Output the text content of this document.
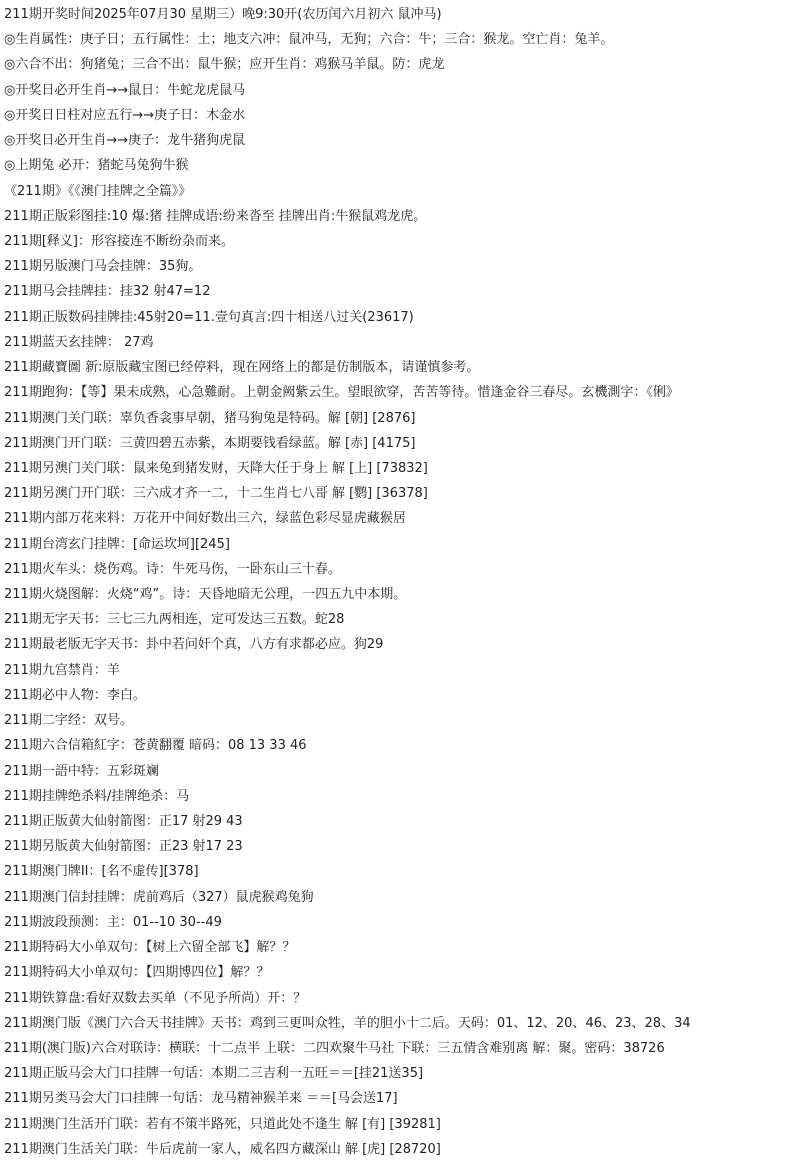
211期开奖时间2025年07月30 星期三）晚9:30开(农历闰六月初六 鼠冲马)
◎生肖属性：庚子日；五行属性：土；地支六冲：鼠冲马，无狗；六合：牛；三合：猴龙。空亡肖：兔羊。
◎六合不出：狗猪兔；三合不出：鼠牛猴；应开生肖：鸡猴马羊鼠。防：虎龙
◎开奖日必开生肖→→鼠日：牛蛇龙虎鼠马
◎开奖日日柱对应五行→→庚子日：木金水
◎开奖日必开生肖→→庚子：龙牛猪狗虎鼠
◎上期兔 必开：猪蛇马兔狗牛猴
《211期》《《澳门挂牌之全篇》》
211期正版彩图挂:10 爆:猪 挂牌成语:纷来沓至 挂牌出肖:牛猴鼠鸡龙虎。
211期[释义]：形容接连不断纷杂而来。
211期另版澳门马会挂牌：35狗。
211期马会挂牌挂：挂32 射47=12
211期正版数码挂牌挂:45射20=11.壹句真言:四十相送八过关(23617)
211期蓝天玄挂牌： 27鸡
211期藏寶圖 新:原版藏宝图已经停料，现在网络上的都是仿制版本，请谨慎参考。
211期跑狗：【等】果未成熟，心急難耐。上朝金阙紫云生。望眼欲穿，苦苦等待。惜逢金谷三春尽。玄機測字：《俐》
211期澳门关门联：辜负香衾事早朝，猪马狗兔是特码。解 [朝] [2876]
211期澳门开门联：三黄四碧五赤紫，本期要钱看绿蓝。解 [赤] [4175]
211期另澳门关门联：鼠来兔到猪发财，天降大任于身上 解 [上] [73832]
211期另澳门开门联：三六成才齐一二，十二生肖七八哥 解 [鹦] [36378]
211期内部万花来料：万花开中间好数出三六，绿蓝色彩尽显虎藏猴居
211期台湾玄门挂牌：[命运坎坷][245]
211期火车头：烧伤鸡。诗：牛死马伤，一卧东山三十春。
211期火烧图解：火烧“鸡”。诗：天昏地暗无公理，一四五九中本期。
211期无字天书：三七三九两相连，定可发达三五数。蛇28
211期最老版无字天书：卦中若问奸个真，八方有求都必应。狗29
211期九宫禁肖：羊
211期必中人物：李白。
211期二字经：双号。
211期六合信箱紅字：苍黄翻覆 暗码：08 13 33 46
211期一語中特：五彩斑斓
211期挂牌绝杀料/挂牌绝杀：马
211期正版黄大仙射箭图：正17 射29 43
211期另版黄大仙射箭图：正23 射17 23
211期澳门牌II：[名不虚传][378]
211期澳门信封挂牌：虎前鸡后（327）鼠虎猴鸡兔狗
211期波段预测：主：01--10 30--49
211期特码大小单双句：【树上六留全部飞】解？？
211期特码大小单双句：【四期博四位】解？？
211期铁算盘:看好双数去买单（不见予所尚）开：？
211期澳门版《澳门六合天书挂牌》天书：鸡到三更叫众牲，羊的胆小十二后。天码：01、12、20、46、23、28、34
211期(澳门版)六合对联诗：横联：十二点半 上联：二四欢聚牛马社 下联：三五情含难别离 解：聚。密码：38726
211期正版马会大门口挂牌一句话：本期二三吉利一五旺＝＝[挂21送35]
211期另类马会大门口挂牌一句话：龙马精神猴羊来 ＝＝[马会送17]
211期澳门生活开门联：若有不策半路死，只道此处不逢生 解 [有] [39281]
211期澳门生活关门联：牛后虎前一家人，威名四方藏深山 解 [虎] [28720]
